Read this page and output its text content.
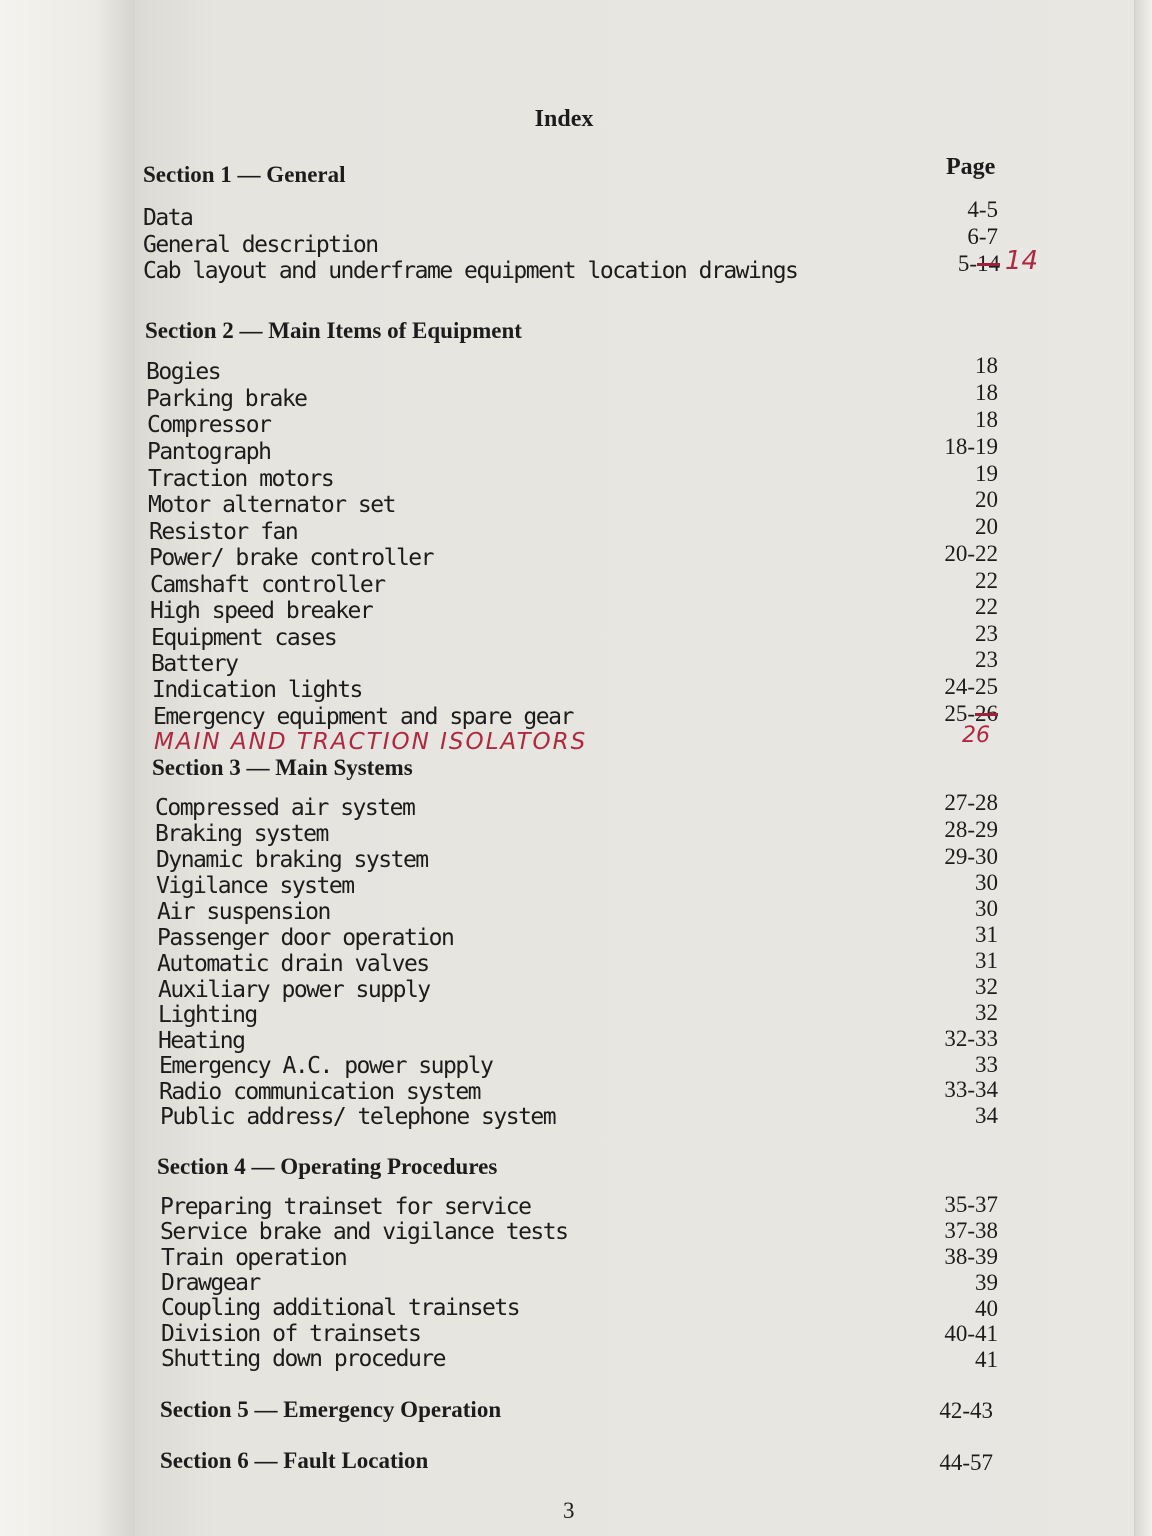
Index
Page
Section 1 — General
Data	4-5
General description	6-7
Cab layout and underframe equipment location drawings	5-14 14
Section 2 — Main Items of Equipment
Bogies	18
Parking brake	18
Compressor	18
Pantograph	18-19
Traction motors	19
Motor alternator set	20
Resistor fan	20
Power/ brake controller	20-22
Camshaft controller	22
High speed breaker	22
Equipment cases	23
Battery	23
Indication lights	24-25
Emergency equipment and spare gear	25-26
MAIN AND TRACTION ISOLATORS	26
Section 3 — Main Systems
Compressed air system	27-28
Braking system	28-29
Dynamic braking system	29-30
Vigilance system	30
Air suspension	30
Passenger door operation	31
Automatic drain valves	31
Auxiliary power supply	32
Lighting	32
Heating	32-33
Emergency A.C. power supply	33
Radio communication system	33-34
Public address/ telephone system	34
Section 4 — Operating Procedures
Preparing trainset for service	35-37
Service brake and vigilance tests	37-38
Train operation	38-39
Drawgear	39
Coupling additional trainsets	40
Division of trainsets	40-41
Shutting down procedure	41
Section 5 — Emergency Operation	42-43
Section 6 — Fault Location	44-57
3
